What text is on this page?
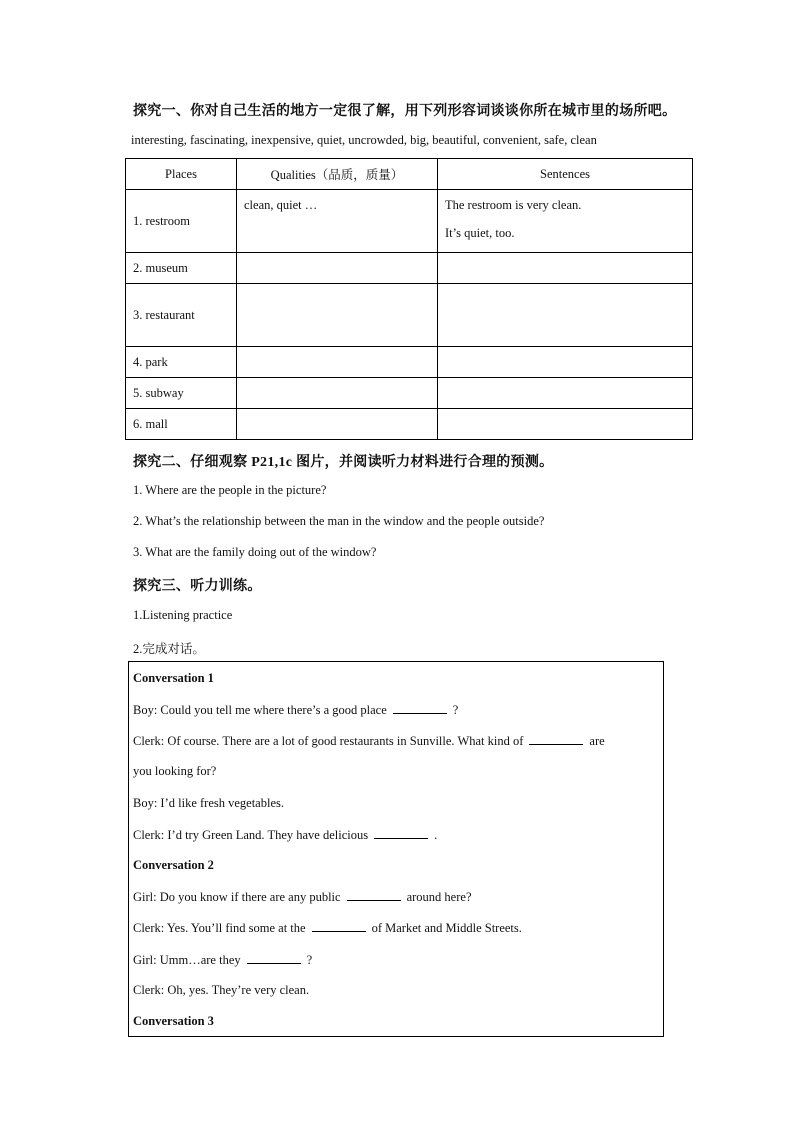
探究一、你对自己生活的地方一定很了解，用下列形容词谈谈你所在城市里的场所吧。
interesting, fascinating, inexpensive, quiet, uncrowded, big, beautiful, convenient, safe, clean
Places	Qualities（品质，质量）	Sentences
1. restroom	clean, quiet …	The restroom is very clean.
It’s quiet, too.

2. museum		
3. restaurant		
4. park		
5. subway		
6. mall		
探究二、仔细观察 P21,1c 图片，并阅读听力材料进行合理的预测。
1. Where are the people in the picture?
2. What’s the relationship between the man in the window and the people outside?
3. What are the family doing out of the window?
探究三、听力训练。
1.Listening practice
2.完成对话。
Conversation 1
Boy: Could you tell me where there’s a good place	?
Clerk: Of course. There are a lot of good restaurants in Sunville. What kind of	are
you looking for?
Boy: I’d like fresh vegetables.
Clerk: I’d try Green Land. They have delicious	.
Conversation 2
Girl: Do you know if there are any public	around here?
Clerk: Yes. You’ll find some at the	of Market and Middle Streets.
Girl: Umm…are they	?
Clerk: Oh, yes. They’re very clean.
Conversation 3
